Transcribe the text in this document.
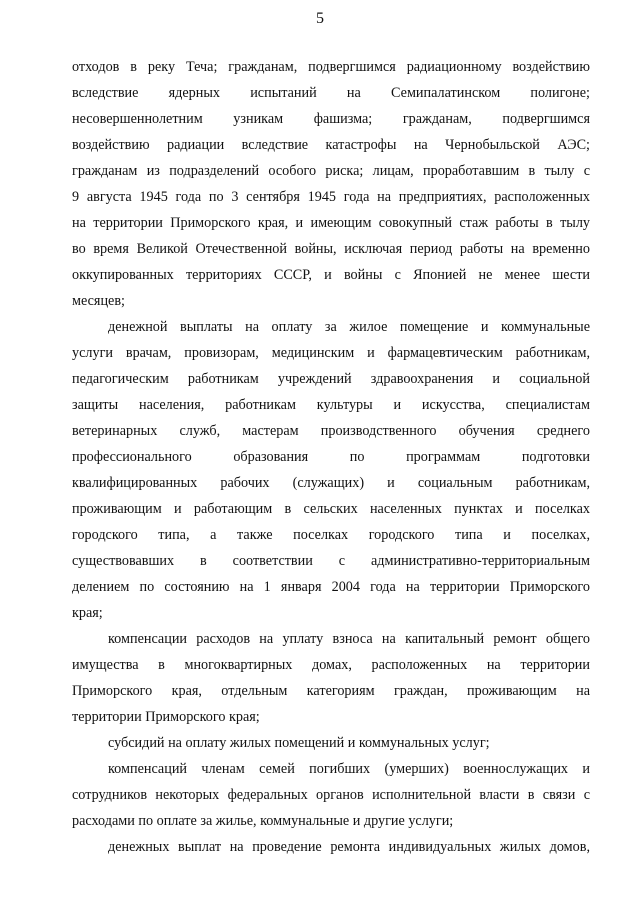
5
отходов в реку Теча; гражданам, подвергшимся радиационному воздействию
вследствие ядерных испытаний на Семипалатинском полигоне;
несовершеннолетним узникам фашизма; гражданам, подвергшимся
воздействию радиации вследствие катастрофы на Чернобыльской АЭС;
гражданам из подразделений особого риска; лицам, проработавшим в тылу с
9 августа 1945 года по 3 сентября 1945 года на предприятиях, расположенных
на территории Приморского края, и имеющим совокупный стаж работы в тылу
во время Великой Отечественной войны, исключая период работы на временно
оккупированных территориях СССР, и войны с Японией не менее шести
месяцев;
денежной выплаты на оплату за жилое помещение и коммунальные
услуги врачам, провизорам, медицинским и фармацевтическим работникам,
педагогическим работникам учреждений здравоохранения и социальной
защиты населения, работникам культуры и искусства, специалистам
ветеринарных служб, мастерам производственного обучения среднего
профессионального образования по программам подготовки
квалифицированных рабочих (служащих) и социальным работникам,
проживающим и работающим в сельских населенных пунктах и поселках
городского типа, а также поселках городского типа и поселках,
существовавших в соответствии с административно-территориальным
делением по состоянию на 1 января 2004 года на территории Приморского
края;
компенсации расходов на уплату взноса на капитальный ремонт общего
имущества в многоквартирных домах, расположенных на территории
Приморского края, отдельным категориям граждан, проживающим на
территории Приморского края;
субсидий на оплату жилых помещений и коммунальных услуг;
компенсаций членам семей погибших (умерших) военнослужащих и
сотрудников некоторых федеральных органов исполнительной власти в связи с
расходами по оплате за жилье, коммунальные и другие услуги;
денежных выплат на проведение ремонта индивидуальных жилых домов,
